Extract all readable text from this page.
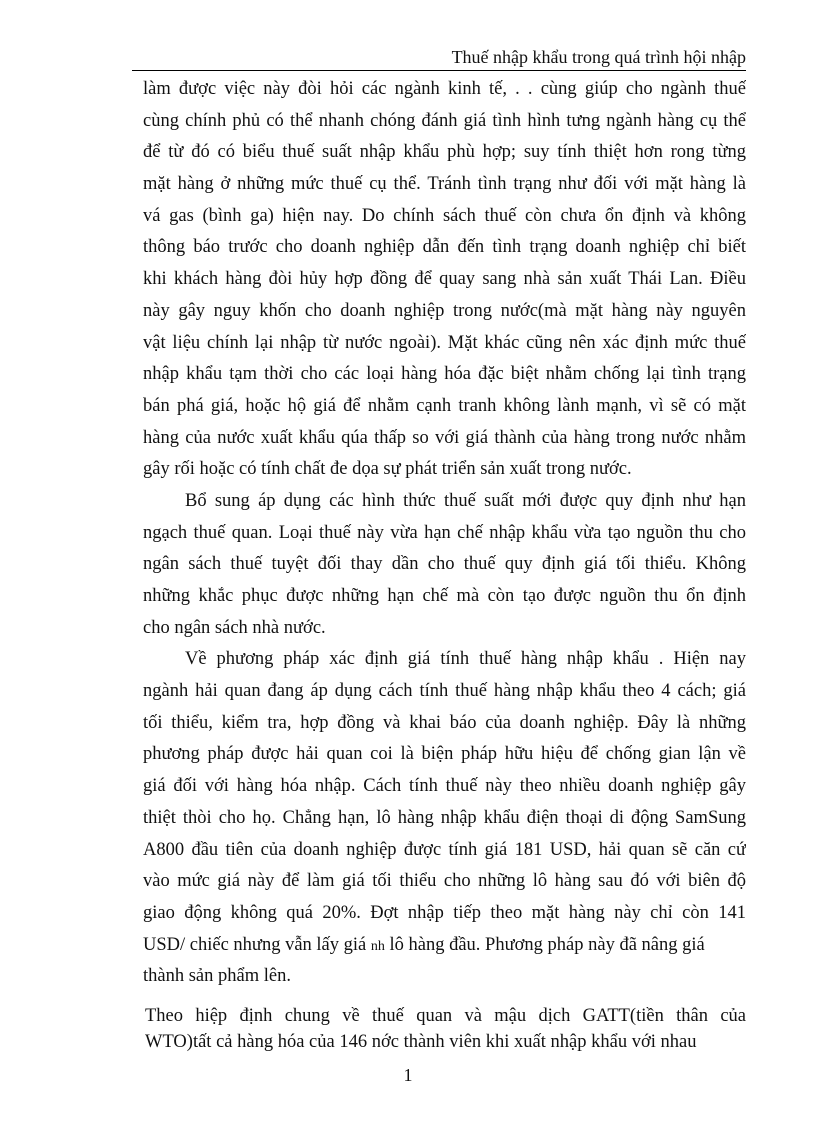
Thuế nhập khẩu trong quá trình hội nhập
làm được việc này đòi hỏi các ngành kinh tế, . . cùng giúp cho ngành thuế
cùng chính phủ có thể nhanh chóng đánh giá tình hình tưng ngành hàng cụ thể
để từ đó có biểu thuế suất nhập khẩu phù hợp; suy tính thiệt hơn rong từng
mặt hàng ở những mức thuế cụ thể. Tránh tình trạng như đối với mặt hàng là
vá gas (bình ga) hiện nay. Do chính sách thuế còn chưa ổn định và không
thông báo trước cho doanh nghiệp dẫn đến tình trạng doanh nghiệp chỉ biết
khi khách hàng đòi hủy hợp đồng để quay sang nhà sản xuất Thái Lan. Điều
này gây nguy khốn cho doanh nghiệp trong nước(mà mặt hàng này nguyên
vật liệu chính lại nhập từ nước ngoài). Mặt khác cũng nên xác định mức thuế
nhập khẩu tạm thời cho các loại hàng hóa đặc biệt nhằm chống lại tình trạng
bán phá giá, hoặc hộ giá để nhằm cạnh tranh không lành mạnh, vì sẽ có mặt
hàng của nước xuất khẩu qúa thấp so với giá thành của hàng trong nước nhằm
gây rối hoặc có tính chất đe dọa sự phát triển sản xuất trong nước.
Bổ sung áp dụng các hình thức thuế suất mới được quy định như hạn
ngạch thuế quan. Loại thuế này vừa hạn chế nhập khẩu vừa tạo nguồn thu cho
ngân sách thuế tuyệt đối thay dần cho thuế quy định giá tối thiểu. Không
những khắc phục được những hạn chế mà còn tạo được nguồn thu ổn định
cho ngân sách nhà nước.
Về phương pháp xác định giá tính thuế hàng nhập khẩu . Hiện nay
ngành hải quan đang áp dụng cách tính thuế hàng nhập khẩu theo 4 cách; giá
tối thiểu, kiểm tra, hợp đồng và khai báo của doanh nghiệp. Đây là những
phương pháp được hải quan coi là biện pháp hữu hiệu để chống gian lận về
giá đối với hàng hóa nhập. Cách tính thuế này theo nhiều doanh nghiệp gây
thiệt thòi cho họ. Chẳng hạn, lô hàng nhập khẩu điện thoại di động SamSung
A800 đầu tiên của doanh nghiệp được tính giá 181 USD, hải quan sẽ căn cứ
vào mức giá này để làm giá tối thiểu cho những lô hàng sau đó với biên độ
giao động không quá 20%. Đợt nhập tiếp theo mặt hàng này chỉ còn 141
USD/ chiếc nhưng vẫn lấy giá nh lô hàng đầu. Phương pháp này đã nâng giá
thành sản phẩm lên.
Theo hiệp định chung về thuế quan và mậu dịch GATT(tiền thân của
WTO)tất cả hàng hóa của 146 nớc thành viên khi xuất nhập khẩu với nhau
1
